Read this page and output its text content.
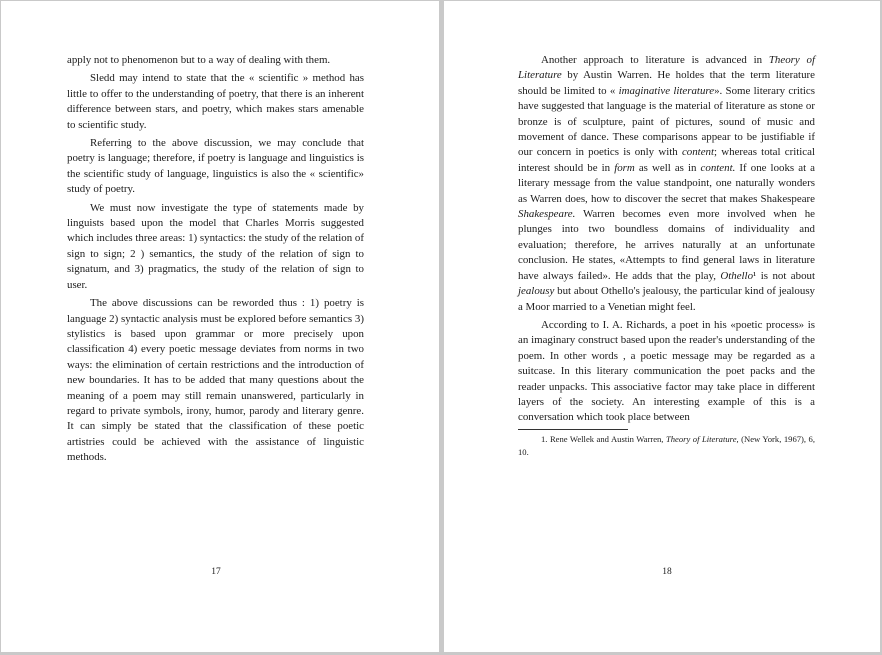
apply not to phenomenon but to a way of dealing with them.

Sledd may intend to state that the « scientific » method has little to offer to the understanding of poetry, that there is an inherent difference between stars, and poetry, which makes stars amenable to scientific study.

Referring to the above discussion, we may conclude that poetry is language; therefore, if poetry is language and linguistics is the scientific study of language, linguistics is also the « scientific» study of poetry.

We must now investigate the type of statements made by linguists based upon the model that Charles Morris suggested which includes three areas: 1) syntactics: the study of the relation of sign to sign; 2 ) semantics, the study of the relation of sign to signatum, and 3) pragmatics, the study of the relation of sign to user.

The above discussions can be reworded thus : 1) poetry is language 2) syntactic analysis must be explored before semantics 3) stylistics is based upon grammar or more precisely upon classification 4) every poetic message deviates from norms in two ways: the elimination of certain restrictions and the introduction of new boundaries. It has to be added that many questions about the meaning of a poem may still remain unanswered, particularly in regard to private symbols, irony, humor, parody and literary genre. It can simply be stated that the classification of these poetic artistries could be achieved with the assistance of linguistic methods.

17

Another approach to literature is advanced in Theory of Literature by Austin Warren. He holdes that the term literature should be limited to « imaginative literature». Some literary critics have suggested that language is the material of literature as stone or bronze is of sculpture, paint of pictures, sound of music and movement of dance. These comparisons appear to be justifiable if our concern in poetics is only with content; whereas total critical interest should be in form as well as in content. If one looks at a literary message from the value standpoint, one naturally wonders as Warren does, how to discover the secret that makes Shakespeare Shakespeare. Warren becomes even more involved when he plunges into two boundless domains of individuality and evaluation; therefore, he arrives naturally at an unfortunate conclusion. He states, «Attempts to find general laws in literature have always failed». He adds that the play, Othello¹ is not about jealousy but about Othello's jealousy, the particular kind of jealousy a Moor married to a Venetian might feel.

According to I. A. Richards, a poet in his «poetic process» is an imaginary construct based upon the reader's understanding of the poem. In other words , a poetic message may be regarded as a suitcase. In this literary communication the poet packs and the reader unpacks. This associative factor may take place in different layers of the society. An interesting example of this is a conversation which took place between

1. Rene Wellek and Austin Warren, Theory of Literature, (New York, 1967), 6, 10.

18
